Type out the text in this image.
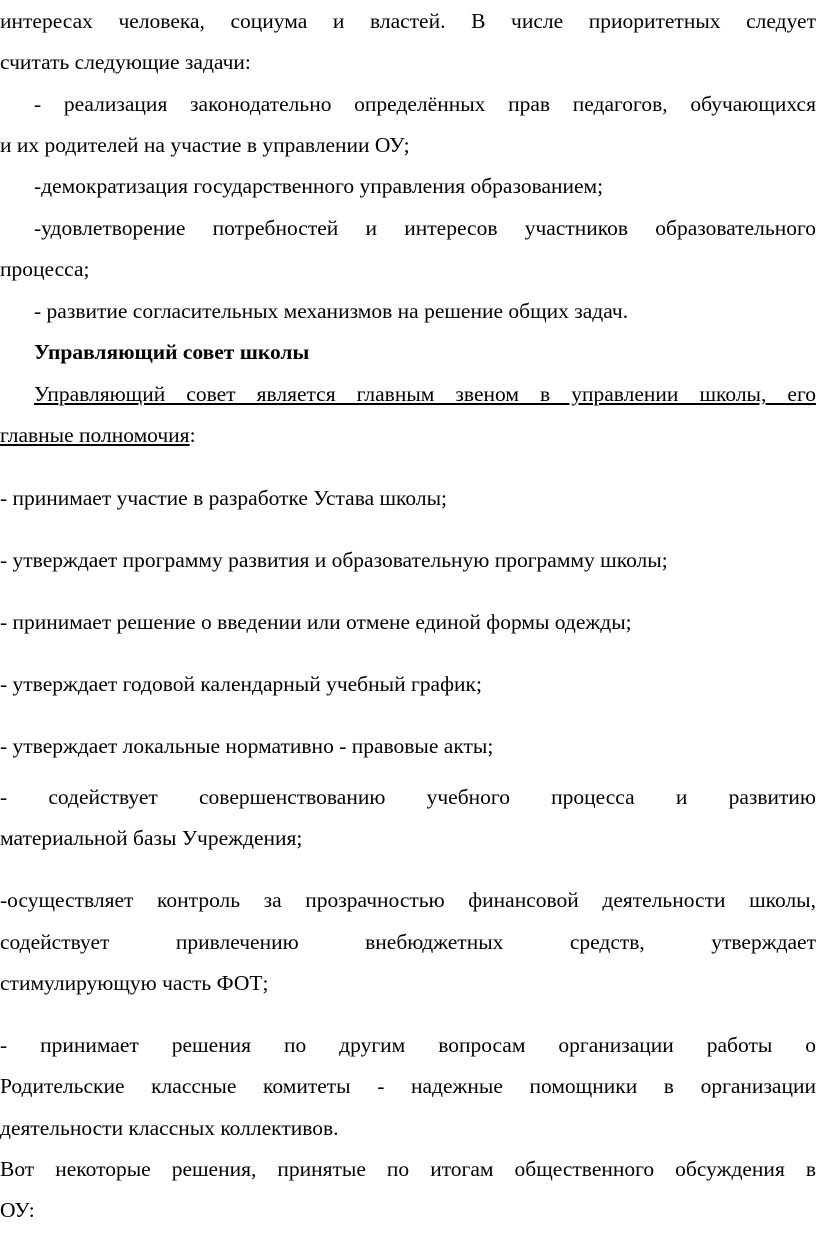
интересах человека, социума и властей. В числе приоритетных следует
считать следующие задачи:
- реализация законодательно определённых прав педагогов, обучающихся
и их родителей на участие в управлении ОУ;
-демократизация государственного управления образованием;
-удовлетворение потребностей и интересов участников образовательного
процесса;
- развитие согласительных механизмов на решение общих задач.
Управляющий совет школы
Управляющий совет является главным звеном в управлении школы, его
главные полномочия:
- принимает участие в разработке Устава школы;
- утверждает программу развития и образовательную программу школы;
- принимает решение о введении или отмене единой формы одежды;
- утверждает годовой календарный учебный график;
- утверждает локальные нормативно - правовые акты;
- содействует совершенствованию учебного процесса и развитию
материальной базы Учреждения;
-осуществляет контроль за прозрачностью финансовой деятельности школы,
содействует привлечению внебюджетных средств, утверждает
стимулирующую часть ФОТ;
- принимает решения по другим вопросам организации работы о
Родительские классные комитеты - надежные помощники в организации
деятельности классных коллективов.
Вот некоторые решения, принятые по итогам общественного обсуждения в
ОУ:
